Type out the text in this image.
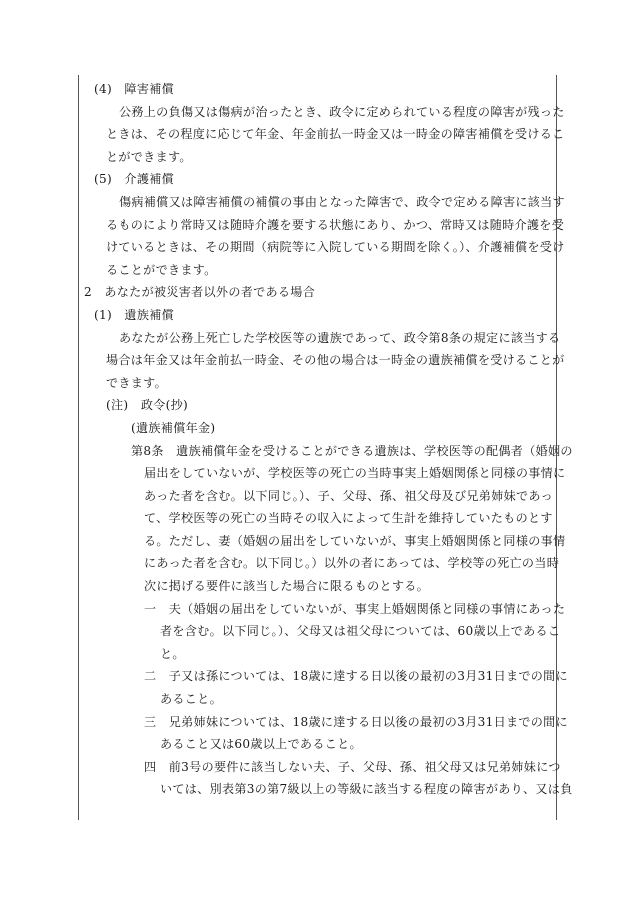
(4)　障害補償
公務上の負傷又は傷病が治ったとき、政令に定められている程度の障害が残った
ときは、その程度に応じて年金、年金前払一時金又は一時金の障害補償を受けるこ
とができます。
(5)　介護補償
傷病補償又は障害補償の補償の事由となった障害で、政令で定める障害に該当す
るものにより常時又は随時介護を要する状態にあり、かつ、常時又は随時介護を受
けているときは、その期間（病院等に入院している期間を除く。）、介護補償を受け
ることができます。
2　あなたが被災害者以外の者である場合
(1)　遺族補償
あなたが公務上死亡した学校医等の遺族であって、政令第8条の規定に該当する
場合は年金又は年金前払一時金、その他の場合は一時金の遺族補償を受けることが
できます。
(注)　政令(抄)
(遺族補償年金)
第8条　遺族補償年金を受けることができる遺族は、学校医等の配偶者（婚姻の
届出をしていないが、学校医等の死亡の当時事実上婚姻関係と同様の事情に
あった者を含む。以下同じ。）、子、父母、孫、祖父母及び兄弟姉妹であっ
て、学校医等の死亡の当時その収入によって生計を維持していたものとす
る。ただし、妻（婚姻の届出をしていないが、事実上婚姻関係と同様の事情
にあった者を含む。以下同じ。）以外の者にあっては、学校等の死亡の当時
次に掲げる要件に該当した場合に限るものとする。
一　夫（婚姻の届出をしていないが、事実上婚姻関係と同様の事情にあった
者を含む。以下同じ。）、父母又は祖父母については、60歳以上であるこ
と。
二　子又は孫については、18歳に達する日以後の最初の3月31日までの間に
あること。
三　兄弟姉妹については、18歳に達する日以後の最初の3月31日までの間に
あること又は60歳以上であること。
四　前3号の要件に該当しない夫、子、父母、孫、祖父母又は兄弟姉妹につ
いては、別表第3の第7級以上の等級に該当する程度の障害があり、又は負
